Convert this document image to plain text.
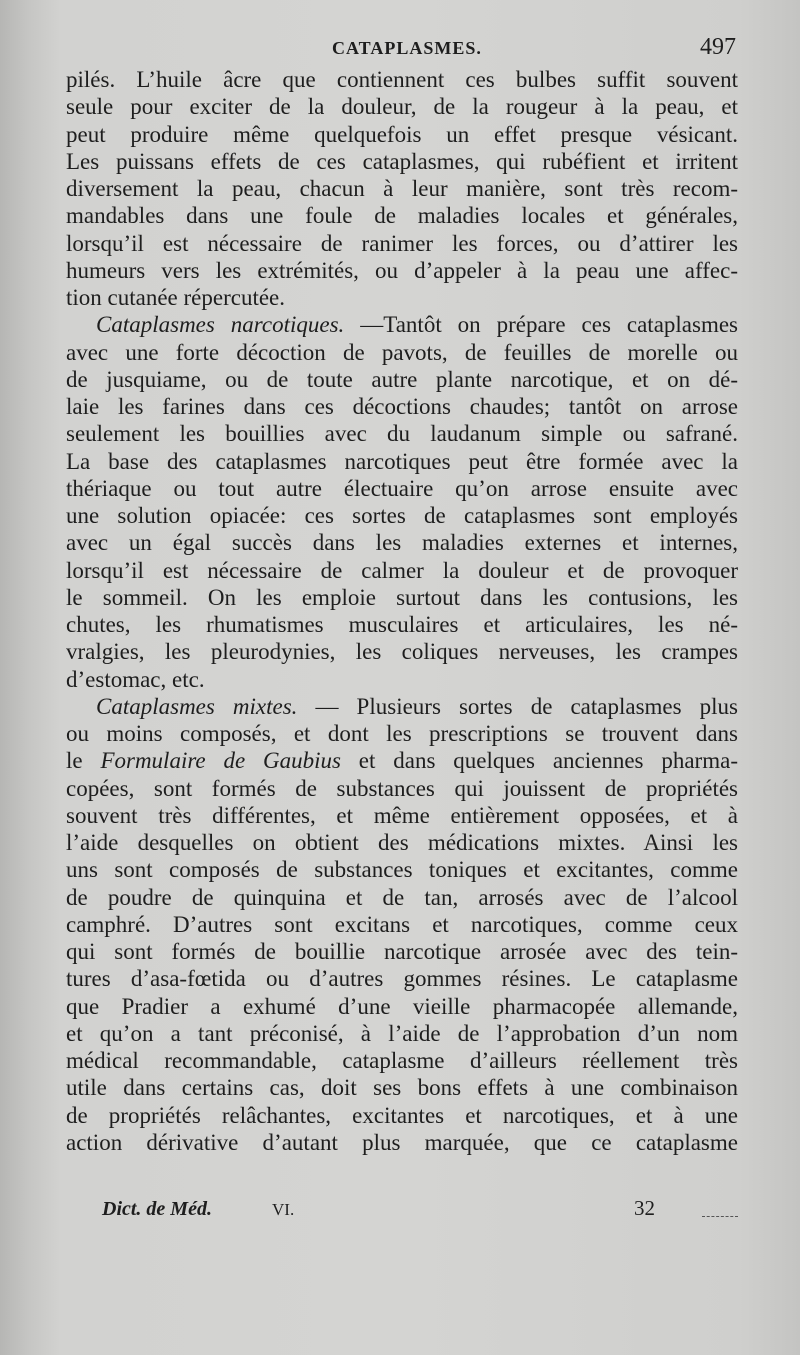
CATAPLASMES.	497
pilés. L’huile âcre que contiennent ces bulbes suffit souvent
seule pour exciter de la douleur, de la rougeur à la peau, et
peut produire même quelquefois un effet presque vésicant.
Les puissans effets de ces cataplasmes, qui rubéfient et irritent
diversement la peau, chacun à leur manière, sont très recom-
mandables dans une foule de maladies locales et générales,
lorsqu’il est nécessaire de ranimer les forces, ou d’attirer les
humeurs vers les extrémités, ou d’appeler à la peau une affec-
tion cutanée répercutée.
Cataplasmes narcotiques. —Tantôt on prépare ces cataplasmes
avec une forte décoction de pavots, de feuilles de morelle ou
de jusquiame, ou de toute autre plante narcotique, et on dé-
laie les farines dans ces décoctions chaudes; tantôt on arrose
seulement les bouillies avec du laudanum simple ou safrané.
La base des cataplasmes narcotiques peut être formée avec la
thériaque ou tout autre électuaire qu’on arrose ensuite avec
une solution opiacée: ces sortes de cataplasmes sont employés
avec un égal succès dans les maladies externes et internes,
lorsqu’il est nécessaire de calmer la douleur et de provoquer
le sommeil. On les emploie surtout dans les contusions, les
chutes, les rhumatismes musculaires et articulaires, les né-
vralgies, les pleurodynies, les coliques nerveuses, les crampes
d’estomac, etc.
Cataplasmes mixtes. — Plusieurs sortes de cataplasmes plus
ou moins composés, et dont les prescriptions se trouvent dans
le Formulaire de Gaubius et dans quelques anciennes pharma-
copées, sont formés de substances qui jouissent de propriétés
souvent très différentes, et même entièrement opposées, et à
l’aide desquelles on obtient des médications mixtes. Ainsi les
uns sont composés de substances toniques et excitantes, comme
de poudre de quinquina et de tan, arrosés avec de l’alcool
camphré. D’autres sont excitans et narcotiques, comme ceux
qui sont formés de bouillie narcotique arrosée avec des tein-
tures d’asa-fœtida ou d’autres gommes résines. Le cataplasme
que Pradier a exhumé d’une vieille pharmacopée allemande,
et qu’on a tant préconisé, à l’aide de l’approbation d’un nom
médical recommandable, cataplasme d’ailleurs réellement très
utile dans certains cas, doit ses bons effets à une combinaison
de propriétés relâchantes, excitantes et narcotiques, et à une
action dérivative d’autant plus marquée, que ce cataplasme
Dict. de Méd.	VI.	32
